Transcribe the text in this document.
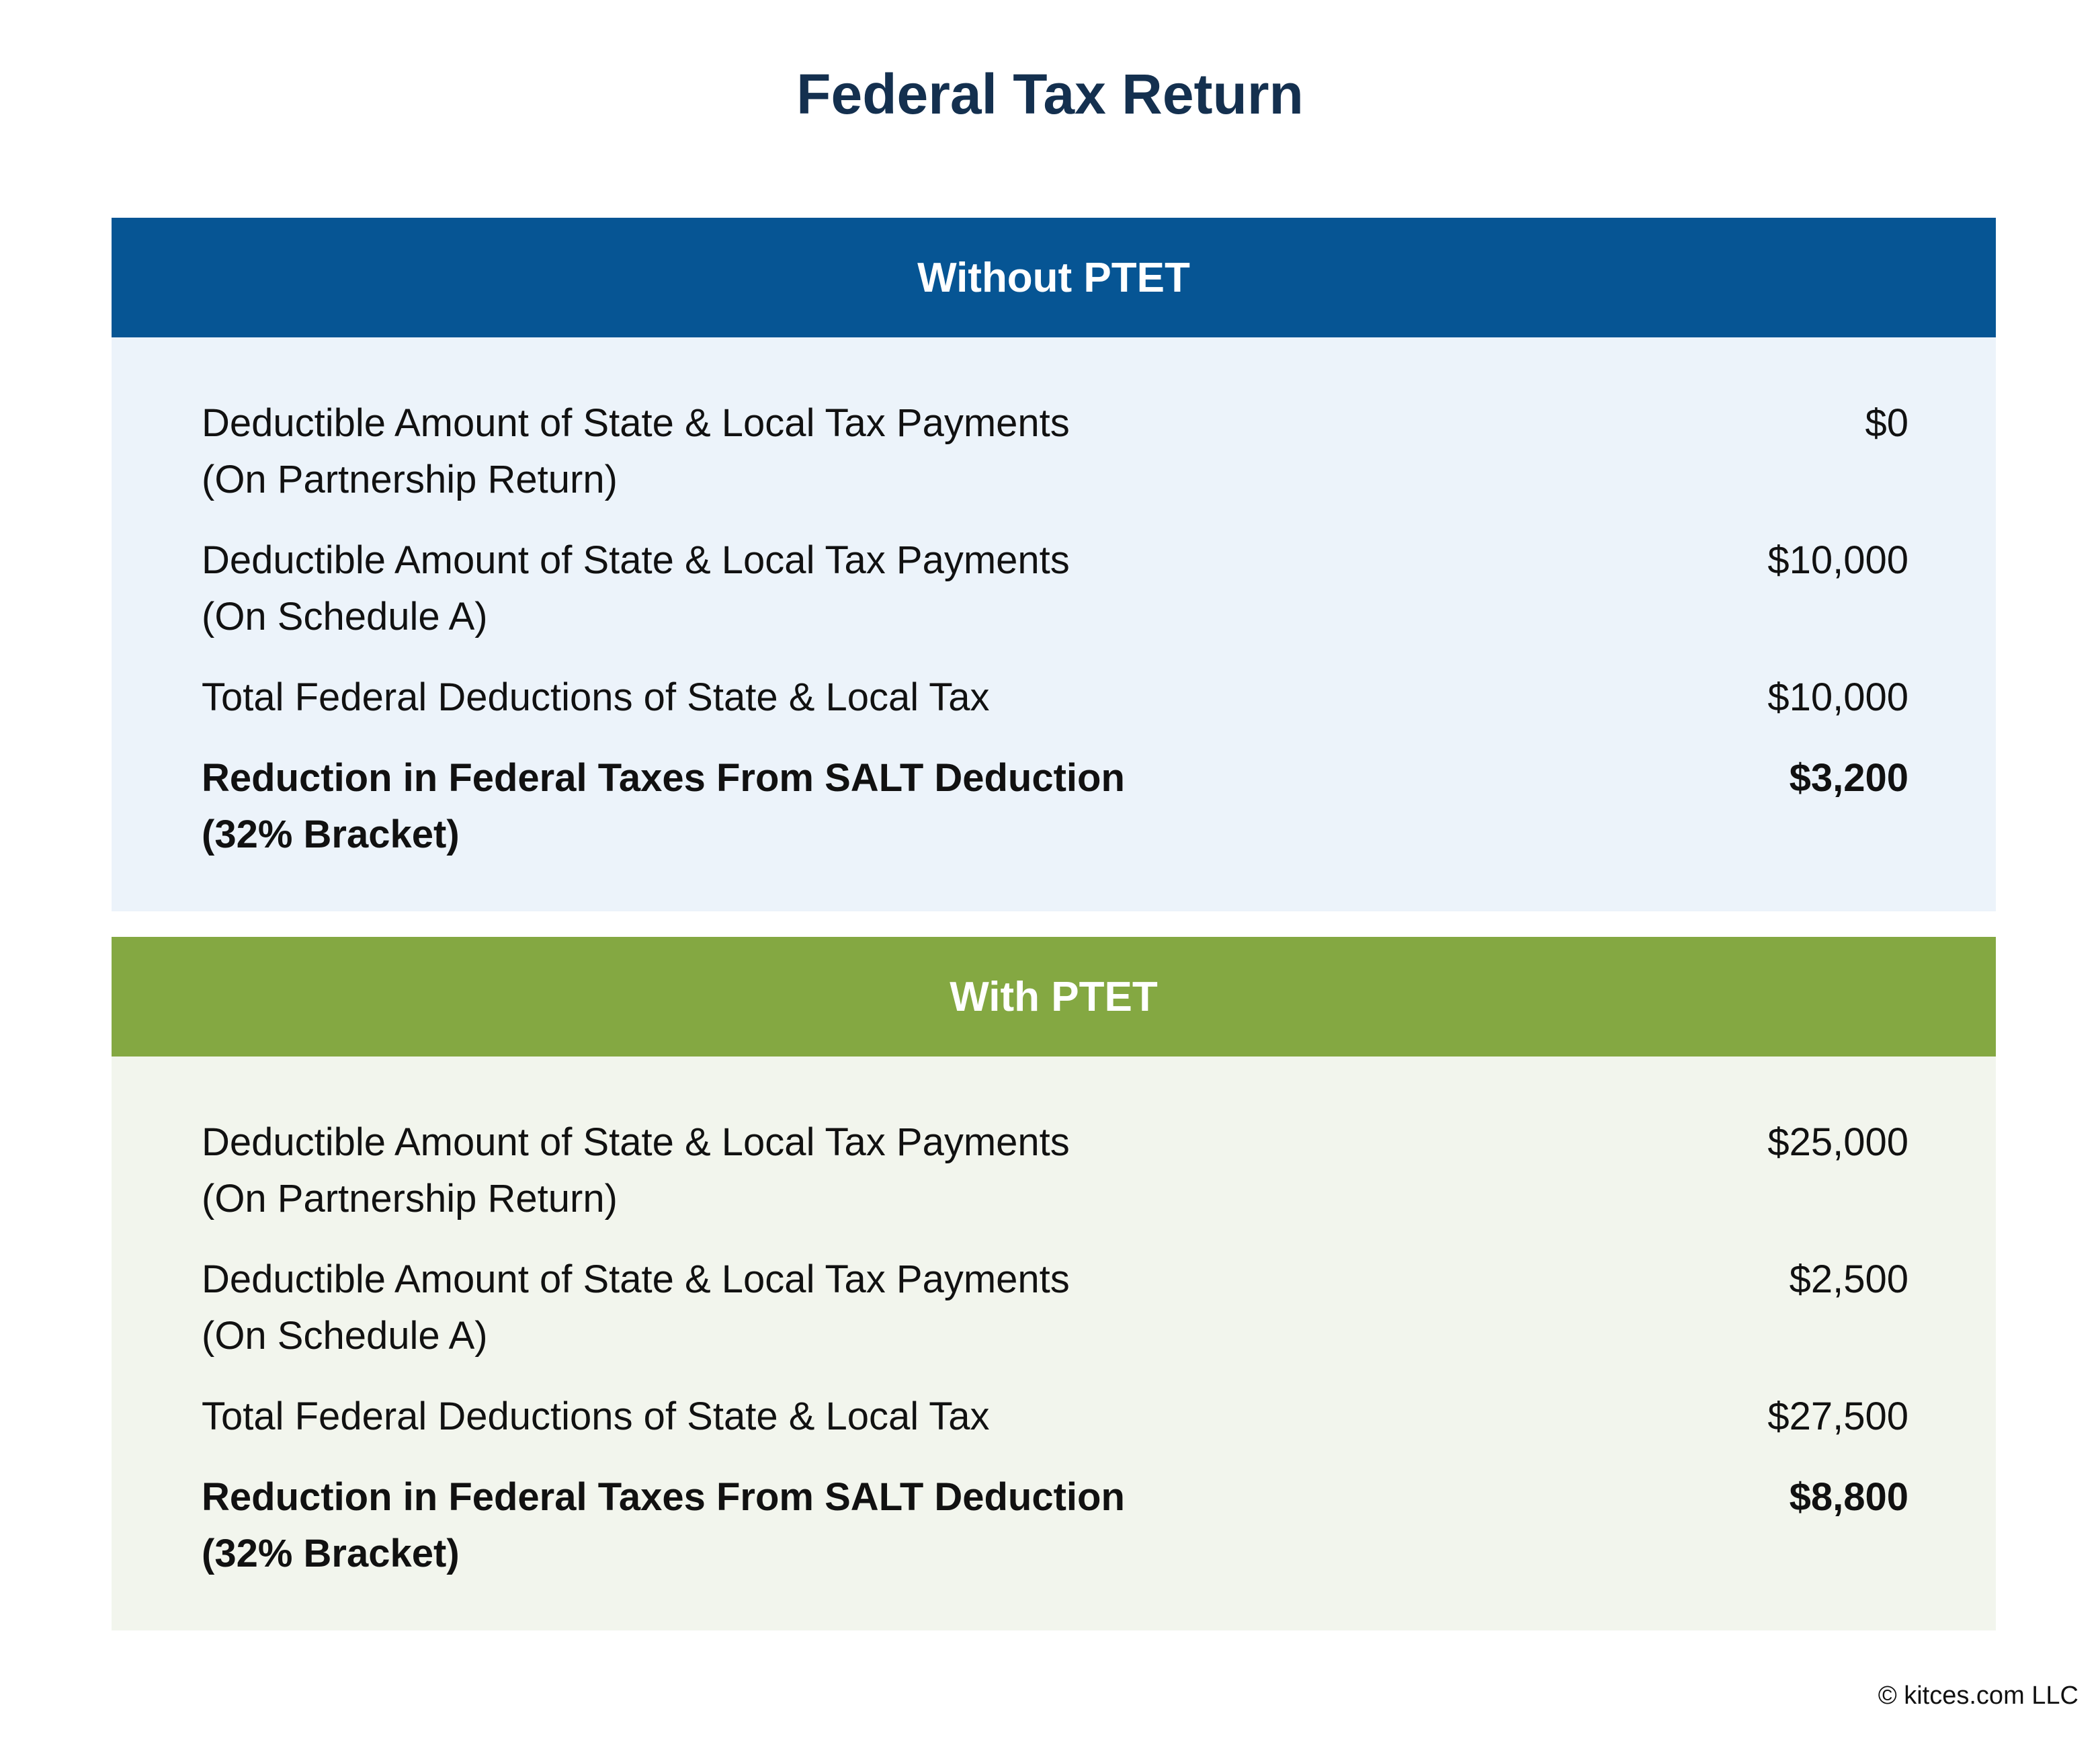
Federal Tax Return
Without PTET
Deductible Amount of State & Local Tax Payments
(On Partnership Return)
$0
Deductible Amount of State & Local Tax Payments
(On Schedule A)
$10,000
Total Federal Deductions of State & Local Tax	$10,000
Reduction in Federal Taxes From SALT Deduction
(32% Bracket)
$3,200
With PTET
Deductible Amount of State & Local Tax Payments
(On Partnership Return)
$25,000
Deductible Amount of State & Local Tax Payments
(On Schedule A)
$2,500
Total Federal Deductions of State & Local Tax	$27,500
Reduction in Federal Taxes From SALT Deduction
(32% Bracket)
$8,800
© kitces.com LLC
